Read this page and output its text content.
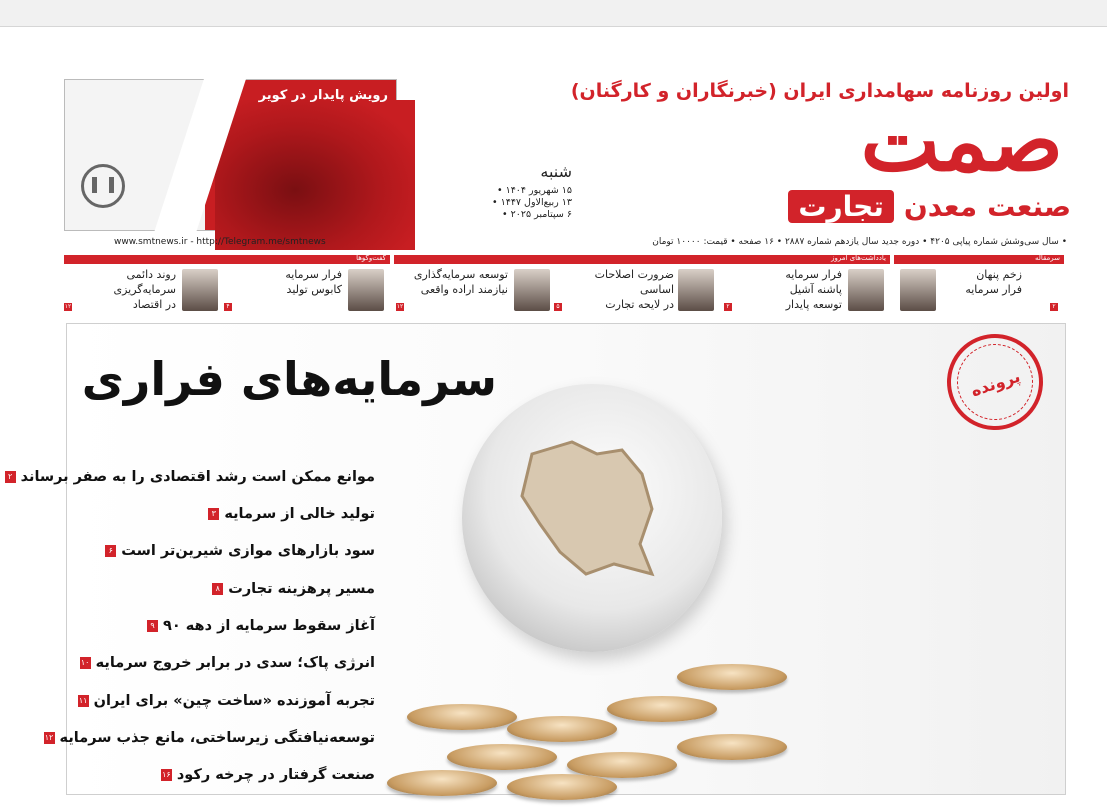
اولین روزنامه سهامداری ایران (خبرنگاران و کارگنان)
صمت
صنعت
معدن
تجارت
شنبه
۱۵ شهریور ۱۴۰۴ •
۱۳ ربیع‌الاول ۱۴۴۷ •
۶ سپتامبر ۲۰۲۵ •
رویش پایدار در کویر
www.smtnews.ir - http://Telegram.me/smtnews	• سال سی‌وشش شماره پیاپی ۴۲۰۵ • دوره جدید سال یازدهم شماره ۲۸۸۷ • ۱۶ صفحه • قیمت: ۱۰۰۰۰ تومان
سرمقاله
یادداشت‌های امروز
گفت‌وگوها
زخم پنهان
فرار سرمایه
۲
فرار سرمایه
پاشنه آشیل
توسعه پایدار
۲
ضرورت اصلاحات
اساسی
در لایحه تجارت
۵
توسعه سرمایه‌گذاری
نیازمند اراده واقعی
۱۲
فرار سرمایه
کابوس تولید
۴
روند دائمی
سرمایه‌گریزی
در اقتصاد
۱۲
سرمایه‌های فراری	پرونده
موانع ممکن است رشد اقتصادی را به صفر برساند
۲
تولید خالی از سرمایه
۳
سود بازارهای موازی شیرین‌تر است
۶
مسیر پرهزینه تجارت
۸
آغاز سقوط سرمایه از دهه ۹۰
۹
انرژی پاک؛ سدی در برابر خروج سرمایه
۱۰
تجربه آموزنده «ساخت چین» برای ایران
۱۱
توسعه‌نیافتگی زیرساختی، مانع جذب سرمایه
۱۲
صنعت گرفتار در چرخه رکود
۱۶
